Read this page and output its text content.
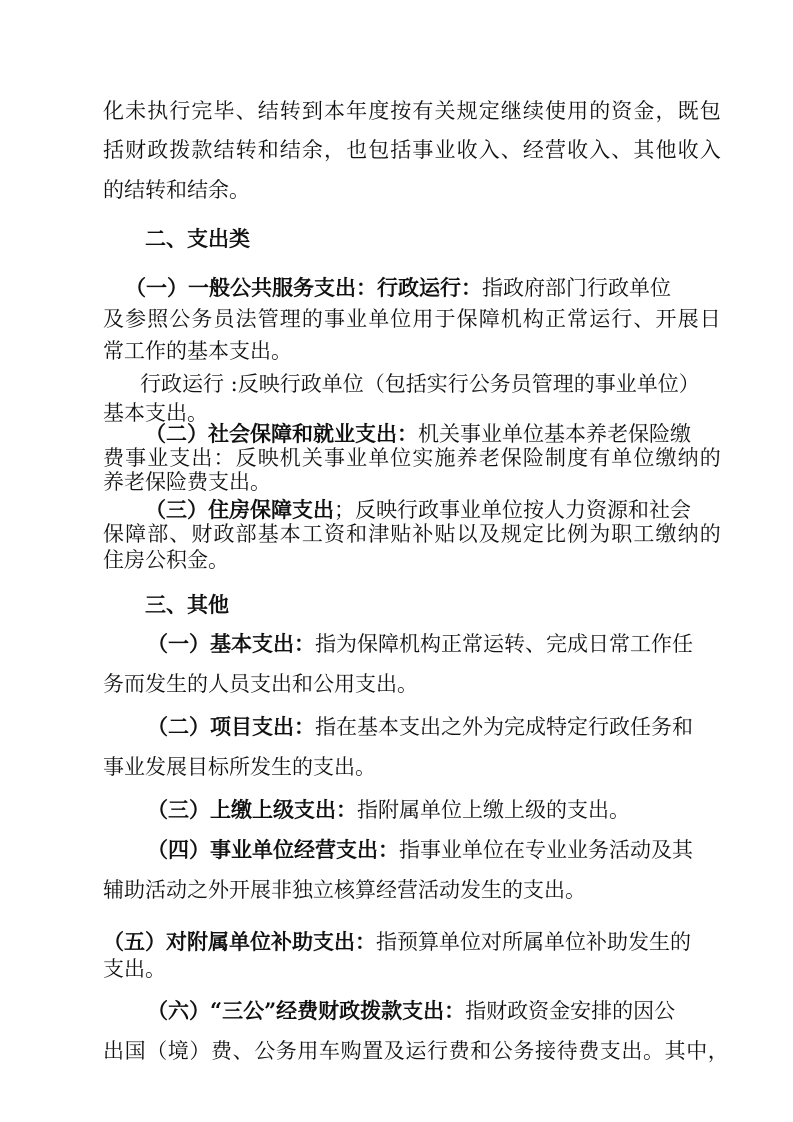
化未执行完毕、结转到本年度按有关规定继续使用的资金，既包
括财政拨款结转和结余，也包括事业收入、经营收入、其他收入
的结转和结余。
二、支出类
（一）一般公共服务支出：行政运行：指政府部门行政单位
及参照公务员法管理的事业单位用于保障机构正常运行、开展日
常工作的基本支出。
行政运行 :反映行政单位（包括实行公务员管理的事业单位）
基本支出。
（二）社会保障和就业支出：机关事业单位基本养老保险缴
费事业支出：反映机关事业单位实施养老保险制度有单位缴纳的
养老保险费支出。
（三）住房保障支出；反映行政事业单位按人力资源和社会
保障部、财政部基本工资和津贴补贴以及规定比例为职工缴纳的
住房公积金。
三、其他
（一）基本支出：指为保障机构正常运转、完成日常工作任
务而发生的人员支出和公用支出。
（二）项目支出：指在基本支出之外为完成特定行政任务和
事业发展目标所发生的支出。
（三）上缴上级支出：指附属单位上缴上级的支出。
（四）事业单位经营支出：指事业单位在专业业务活动及其
辅助活动之外开展非独立核算经营活动发生的支出。
（五）对附属单位补助支出：指预算单位对所属单位补助发生的
支出。
（六）“三公”经费财政拨款支出：指财政资金安排的因公
出国（境）费、公务用车购置及运行费和公务接待费支出。其中，
